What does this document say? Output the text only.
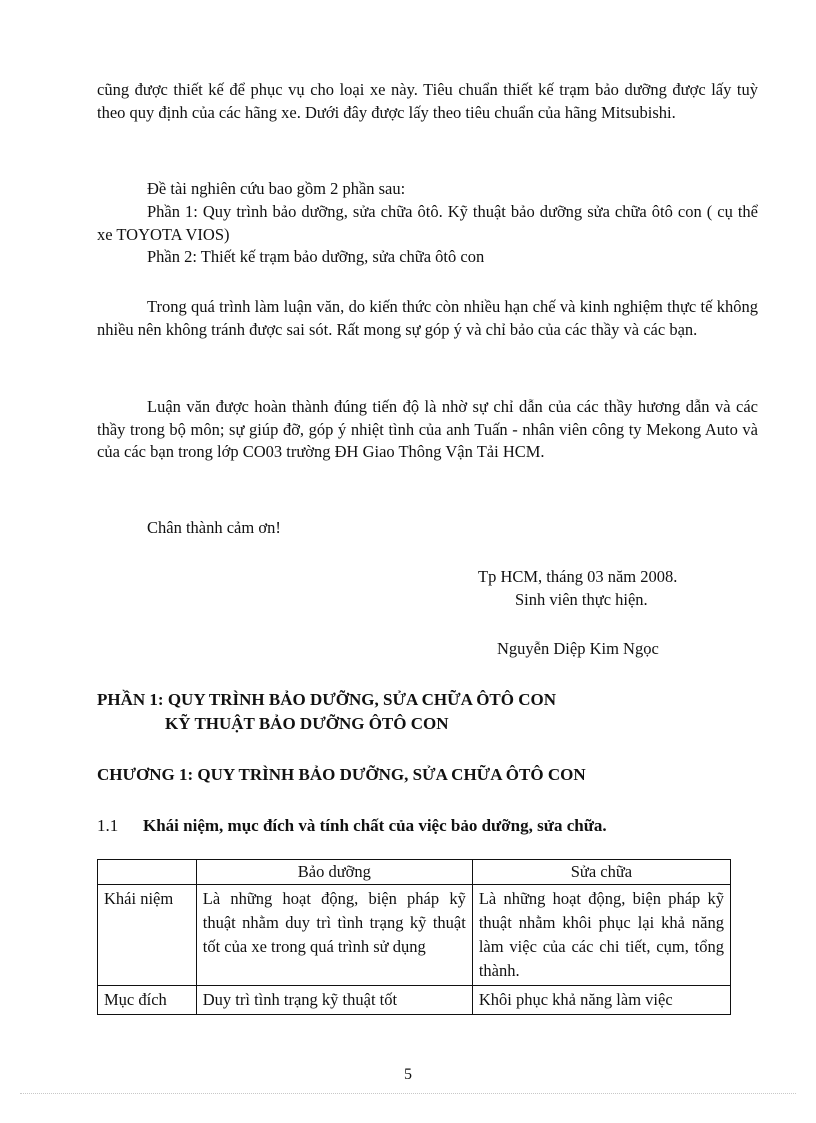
cũng được thiết kế để phục vụ cho loại xe này. Tiêu chuẩn thiết kế trạm bảo dưỡng được lấy tuỳ theo quy định của các hãng xe. Dưới đây được lấy theo tiêu chuẩn của hãng Mitsubishi.

Đề tài nghiên cứu bao gồm 2 phần sau:

Phần 1: Quy trình bảo dưỡng, sửa chữa ôtô. Kỹ thuật bảo dưỡng sửa chữa ôtô con ( cụ thể xe TOYOTA VIOS)

Phần 2: Thiết kế trạm bảo dưỡng, sửa chữa ôtô con

Trong quá trình làm luận văn, do kiến thức còn nhiều hạn chế và kinh nghiệm thực tế không nhiều nên không tránh được sai sót. Rất mong sự góp ý và chỉ bảo của các thầy và các bạn.

Luận văn được hoàn thành đúng tiến độ là nhờ sự chỉ dẫn của các thầy hương dẫn và các thầy trong bộ môn; sự giúp đỡ, góp ý nhiệt tình của anh Tuấn - nhân viên công ty Mekong Auto và của các bạn trong lớp CO03 trường ĐH Giao Thông Vận Tải HCM.

Chân thành cảm ơn!

Tp HCM, tháng 03 năm 2008.
Sinh viên thực hiện.
Nguyễn Diệp Kim Ngọc
PHẦN 1: QUY TRÌNH BẢO DƯỠNG, SỬA CHỮA ÔTÔ CON
KỸ THUẬT BẢO DƯỠNG ÔTÔ CON
CHƯƠNG 1: QUY TRÌNH BẢO DƯỠNG, SỬA CHỮA ÔTÔ CON
1.1 Khái niệm, mục đích và tính chất của việc bảo dưỡng, sửa chữa.
	Bảo dưỡng	Sửa chữa
Khái niệm	Là những hoạt động, biện pháp kỹ thuật nhằm duy trì tình trạng kỹ thuật tốt của xe trong quá trình sử dụng	Là những hoạt động, biện pháp kỹ thuật nhằm khôi phục lại khả năng làm việc của các chi tiết, cụm, tổng thành.
Mục đích	Duy trì tình trạng kỹ thuật tốt	Khôi phục khả năng làm việc
5
